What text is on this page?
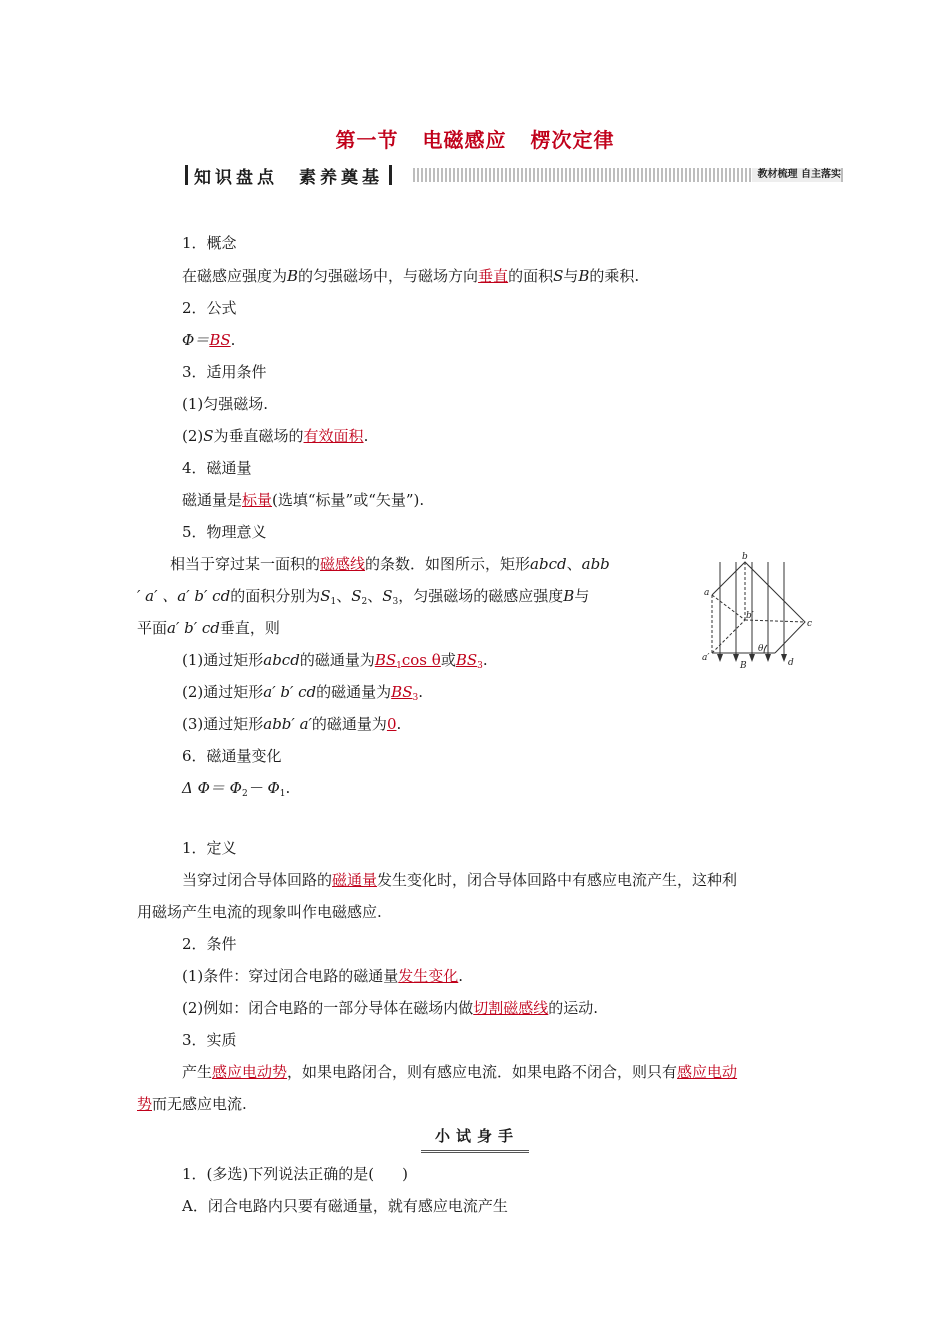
第一节 电磁感应 楞次定律
知识盘点　素养奠基	教材梳理 自主落实
1．概念
在磁感应强度为B的匀强磁场中，与磁场方向垂直的面积S与B的乘积.
2．公式
Φ＝BS.
3．适用条件
(1)匀强磁场.
(2)S为垂直磁场的有效面积.
4．磁通量
磁通量是标量(选填“标量”或“矢量”).
5．物理意义
相当于穿过某一面积的磁感线的条数．如图所示，矩形abcd、abb
′ a′ 、a′ b′ cd的面积分别为$S_1$、$S_2$、$S_3$，匀强磁场的磁感应强度B与
平面a′ b′ cd垂直，则
(1)通过矩形abcd的磁通量为$BS_1\cos$ θ或$BS_3$.
(2)通过矩形a′ b′ cd的磁通量为$BS_3$.
(3)通过矩形abb′ a′的磁通量为0.
6．磁通量变化
Δ $\Phi= \Phi_2- \Phi_1$.
a
b
c
d
a′
b′
θ
B
1．定义
当穿过闭合导体回路的磁通量发生变化时，闭合导体回路中有感应电流产生，这种利
用磁场产生电流的现象叫作电磁感应.
2．条件
(1)条件：穿过闭合电路的磁通量发生变化.
(2)例如：闭合电路的一部分导体在磁场内做切割磁感线的运动.
3．实质
产生感应电动势，如果电路闭合，则有感应电流．如果电路不闭合，则只有感应电动
势而无感应电流.
小试身手
1．(多选)下列说法正确的是( )
A．闭合电路内只要有磁通量，就有感应电流产生
